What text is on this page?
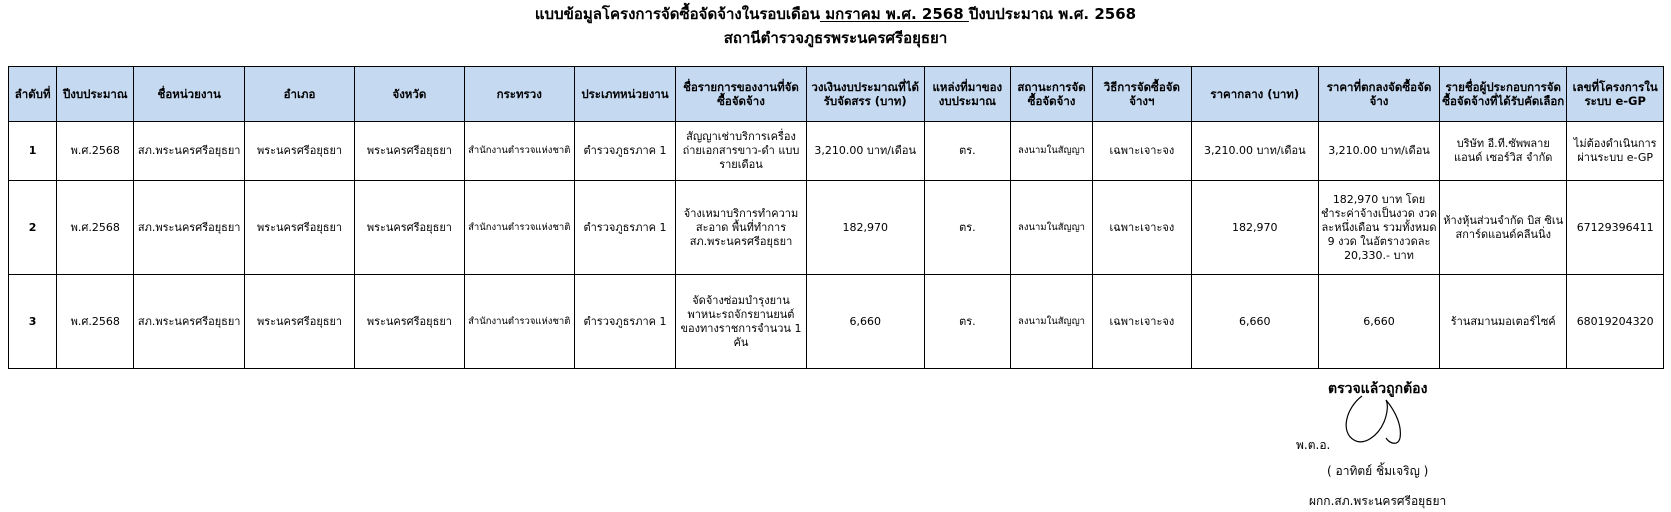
แบบข้อมูลโครงการจัดซื้อจัดจ้างในรอบเดือน มกราคม พ.ศ. 2568 ปีงบประมาณ พ.ศ. 2568
สถานีตำรวจภูธรพระนครศรีอยุธยา
ลำดับที่	ปีงบประมาณ	ชื่อหน่วยงาน	อำเภอ	จังหวัด	กระทรวง	ประเภทหน่วยงาน	ชื่อรายการของงานที่จัดซื้อจัดจ้าง	วงเงินงบประมาณที่ได้รับจัดสรร (บาท)	แหล่งที่มาของงบประมาณ	สถานะการจัดซื้อจัดจ้าง	วิธีการจัดซื้อจัดจ้างฯ	ราคากลาง (บาท)	ราคาที่ตกลงจัดซื้อจัดจ้าง	รายชื่อผู้ประกอบการจัดซื้อจัดจ้างที่ได้รับคัดเลือก	เลขที่โครงการในระบบ e-GP
1	พ.ศ.2568	สภ.พระนครศรีอยุธยา	พระนครศรีอยุธยา	พระนครศรีอยุธยา	สำนักงานตำรวจแห่งชาติ	ตำรวจภูธรภาค 1	สัญญาเช่าบริการเครื่องถ่ายเอกสารขาว-ดำ แบบรายเดือน	3,210.00 บาท/เดือน	ตร.	ลงนามในสัญญา	เฉพาะเจาะจง	3,210.00 บาท/เดือน	3,210.00 บาท/เดือน	บริษัท อี.ที.ซัพพลาย แอนด์ เซอร์วิส จำกัด	ไม่ต้องดำเนินการผ่านระบบ e-GP
2	พ.ศ.2568	สภ.พระนครศรีอยุธยา	พระนครศรีอยุธยา	พระนครศรีอยุธยา	สำนักงานตำรวจแห่งชาติ	ตำรวจภูธรภาค 1	จ้างเหมาบริการทำความสะอาด พื้นที่ทำการ สภ.พระนครศรีอยุธยา	182,970	ตร.	ลงนามในสัญญา	เฉพาะเจาะจง	182,970	182,970 บาท โดยชำระค่าจ้างเป็นงวด งวดละหนึ่งเดือน รวมทั้งหมด 9 งวด ในอัตรางวดละ 20,330.- บาท	ห้างหุ้นส่วนจำกัด บิส ซิเนสการ์ดแอนด์คลีนนิ่ง	67129396411
3	พ.ศ.2568	สภ.พระนครศรีอยุธยา	พระนครศรีอยุธยา	พระนครศรีอยุธยา	สำนักงานตำรวจแห่งชาติ	ตำรวจภูธรภาค 1	จัดจ้างซ่อมบำรุงยานพาหนะรถจักรยานยนต์ของทางราชการจำนวน 1 คัน	6,660	ตร.	ลงนามในสัญญา	เฉพาะเจาะจง	6,660	6,660	ร้านสมานมอเตอร์ไซค์	68019204320
ตรวจแล้วถูกต้อง
พ.ต.อ.
( อาทิตย์ ชิ้มเจริญ )
ผกก.สภ.พระนครศรีอยุธยา
